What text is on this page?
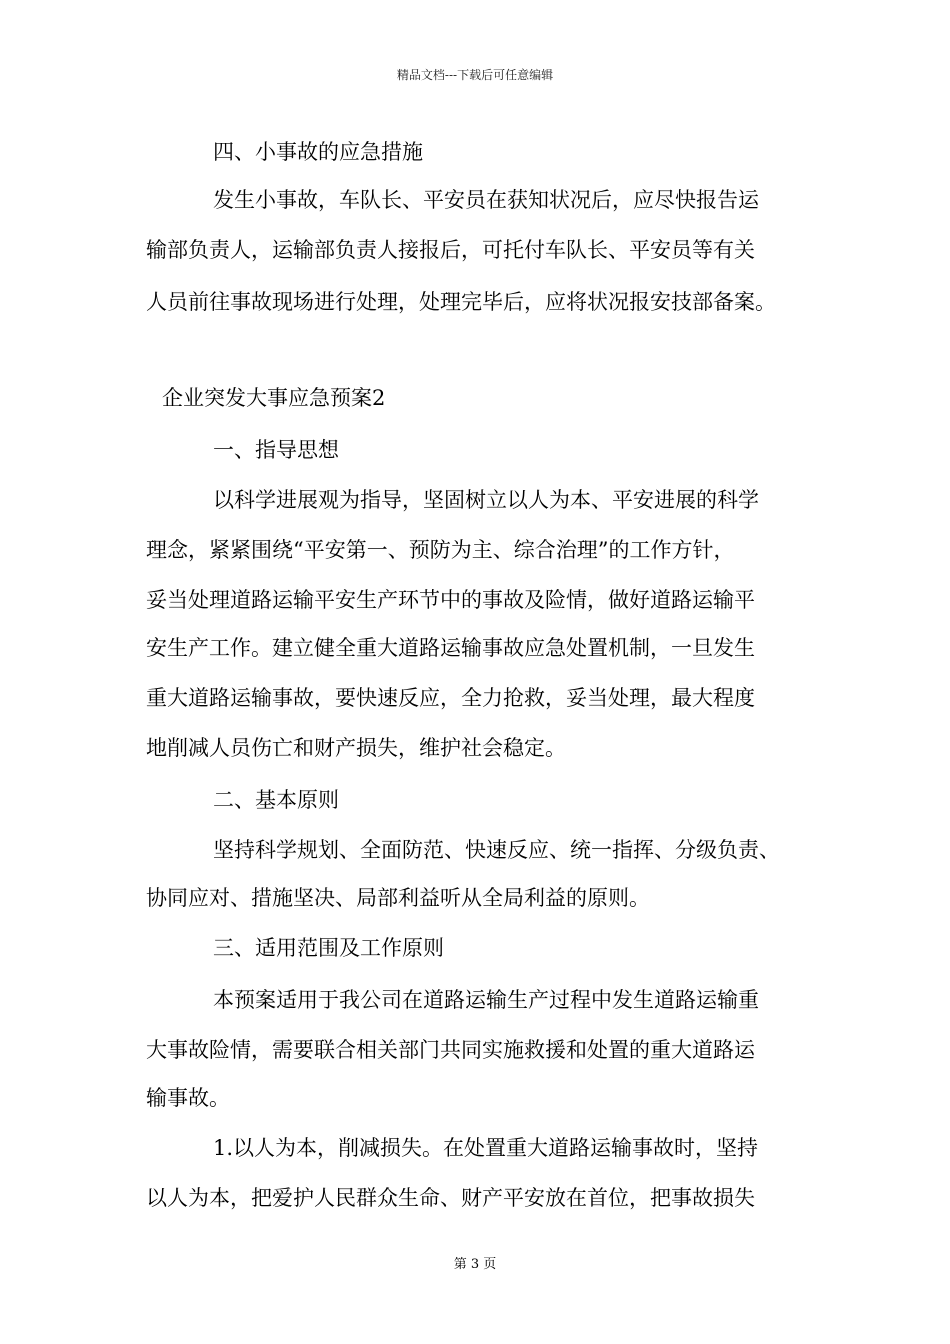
精品文档---下载后可任意编辑
四、小事故的应急措施
发生小事故，车队长、平安员在获知状况后，应尽快报告运
输部负责人，运输部负责人接报后，可托付车队长、平安员等有关
人员前往事故现场进行处理，处理完毕后，应将状况报安技部备案。
企业突发大事应急预案2
一、指导思想
以科学进展观为指导，坚固树立以人为本、平安进展的科学
理念，紧紧围绕“平安第一、预防为主、综合治理”的工作方针，
妥当处理道路运输平安生产环节中的事故及险情，做好道路运输平
安生产工作。建立健全重大道路运输事故应急处置机制，一旦发生
重大道路运输事故，要快速反应，全力抢救，妥当处理，最大程度
地削减人员伤亡和财产损失，维护社会稳定。
二、基本原则
坚持科学规划、全面防范、快速反应、统一指挥、分级负责、
协同应对、措施坚决、局部利益听从全局利益的原则。
三、适用范围及工作原则
本预案适用于我公司在道路运输生产过程中发生道路运输重
大事故险情，需要联合相关部门共同实施救援和处置的重大道路运
输事故。
1.以人为本，削减损失。在处置重大道路运输事故时，坚持
以人为本，把爱护人民群众生命、财产平安放在首位，把事故损失
第 3 页
